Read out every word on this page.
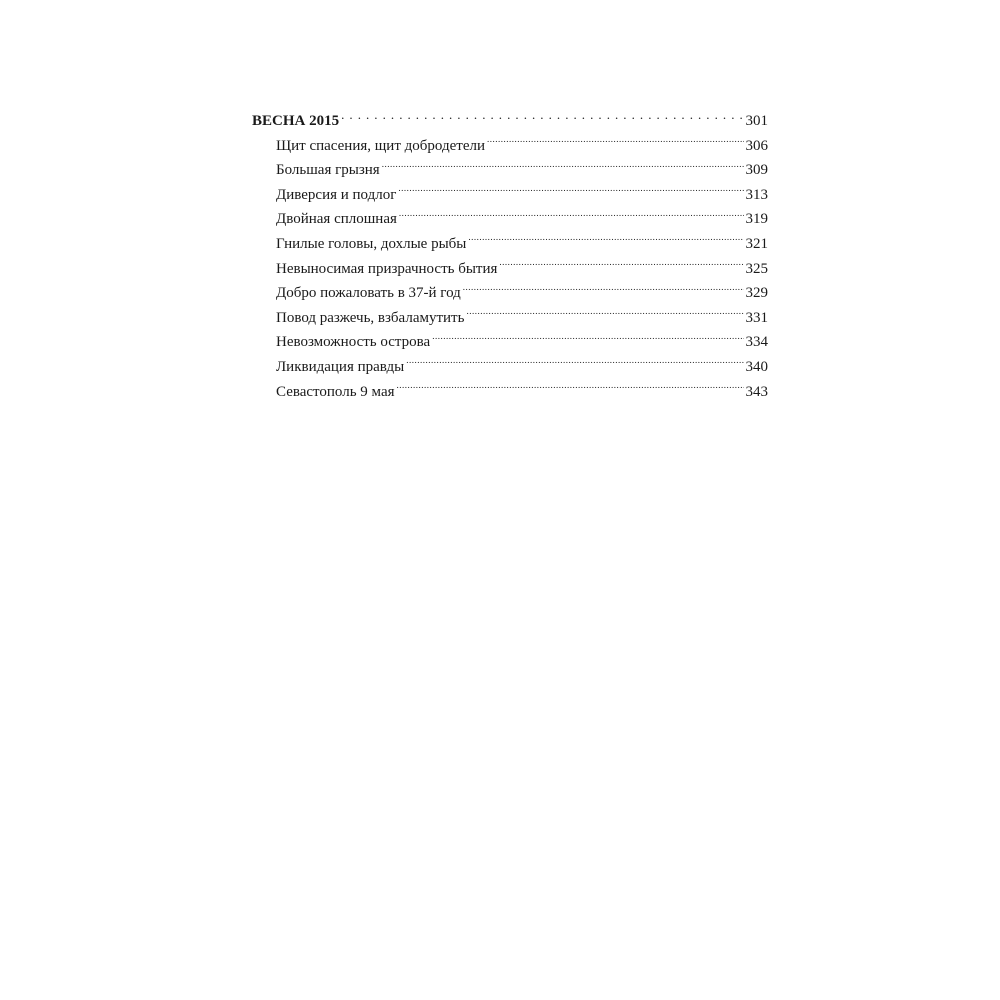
ВЕСНА 2015 . . .	301
Щит спасения, щит добродетели .....	306
Большая грызня .....	309
Диверсия и подлог .....	313
Двойная сплошная .....	319
Гнилые головы, дохлые рыбы .....	321
Невыносимая призрачность бытия .....	325
Добро пожаловать в 37-й год .....	329
Повод разжечь, взбаламутить .....	331
Невозможность острова .....	334
Ликвидация правды .....	340
Севастополь 9 мая .....	343
